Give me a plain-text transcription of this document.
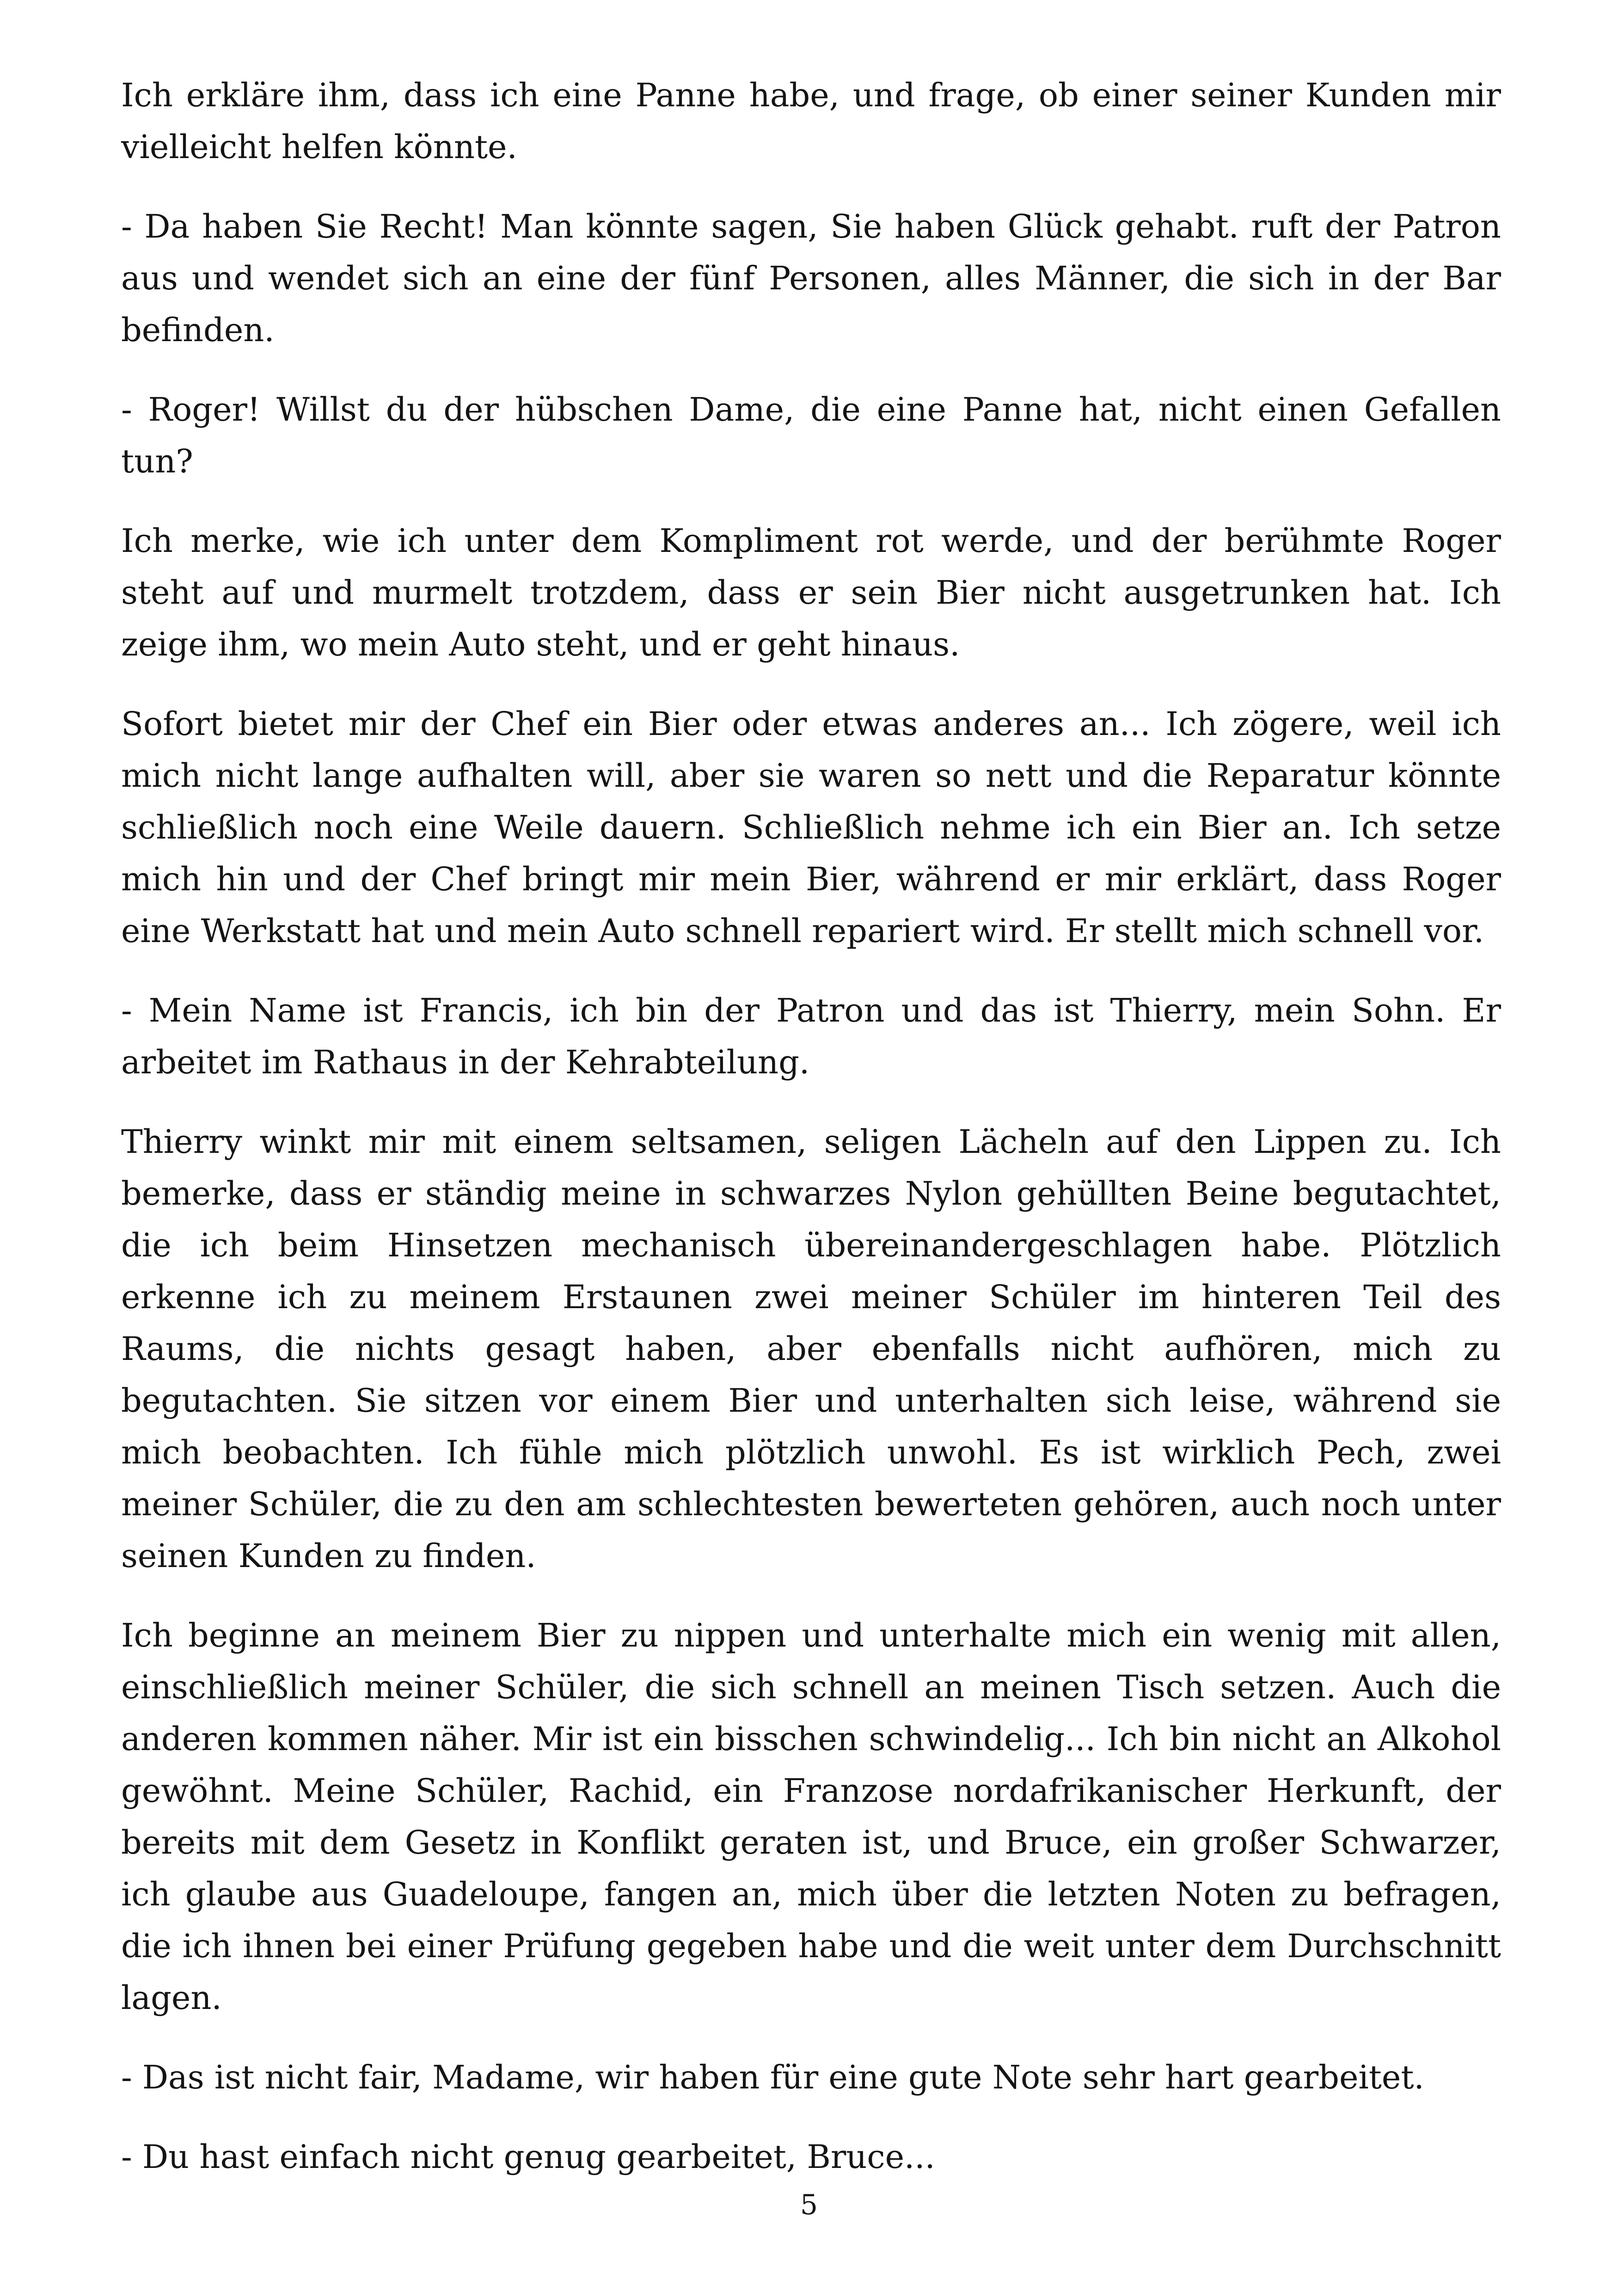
Ich erkläre ihm, dass ich eine Panne habe, und frage, ob einer seiner Kunden mir vielleicht helfen könnte.

- Da haben Sie Recht! Man könnte sagen, Sie haben Glück gehabt. ruft der Patron aus und wendet sich an eine der fünf Personen, alles Männer, die sich in der Bar befinden.

- Roger! Willst du der hübschen Dame, die eine Panne hat, nicht einen Gefallen tun?

Ich merke, wie ich unter dem Kompliment rot werde, und der berühmte Roger steht auf und murmelt trotzdem, dass er sein Bier nicht ausgetrunken hat. Ich zeige ihm, wo mein Auto steht, und er geht hinaus.

Sofort bietet mir der Chef ein Bier oder etwas anderes an... Ich zögere, weil ich mich nicht lange aufhalten will, aber sie waren so nett und die Reparatur könnte schließlich noch eine Weile dauern. Schließlich nehme ich ein Bier an. Ich setze mich hin und der Chef bringt mir mein Bier, während er mir erklärt, dass Roger eine Werkstatt hat und mein Auto schnell repariert wird. Er stellt mich schnell vor.

- Mein Name ist Francis, ich bin der Patron und das ist Thierry, mein Sohn. Er arbeitet im Rathaus in der Kehrabteilung.

Thierry winkt mir mit einem seltsamen, seligen Lächeln auf den Lippen zu. Ich bemerke, dass er ständig meine in schwarzes Nylon gehüllten Beine begutachtet, die ich beim Hinsetzen mechanisch übereinandergeschlagen habe. Plötzlich erkenne ich zu meinem Erstaunen zwei meiner Schüler im hinteren Teil des Raums, die nichts gesagt haben, aber ebenfalls nicht aufhören, mich zu begutachten. Sie sitzen vor einem Bier und unterhalten sich leise, während sie mich beobachten. Ich fühle mich plötzlich unwohl. Es ist wirklich Pech, zwei meiner Schüler, die zu den am schlechtesten bewerteten gehören, auch noch unter seinen Kunden zu finden.

Ich beginne an meinem Bier zu nippen und unterhalte mich ein wenig mit allen, einschließlich meiner Schüler, die sich schnell an meinen Tisch setzen. Auch die anderen kommen näher. Mir ist ein bisschen schwindelig... Ich bin nicht an Alkohol gewöhnt. Meine Schüler, Rachid, ein Franzose nordafrikanischer Herkunft, der bereits mit dem Gesetz in Konflikt geraten ist, und Bruce, ein großer Schwarzer, ich glaube aus Guadeloupe, fangen an, mich über die letzten Noten zu befragen, die ich ihnen bei einer Prüfung gegeben habe und die weit unter dem Durchschnitt lagen.

- Das ist nicht fair, Madame, wir haben für eine gute Note sehr hart gearbeitet.

- Du hast einfach nicht genug gearbeitet, Bruce...

5
